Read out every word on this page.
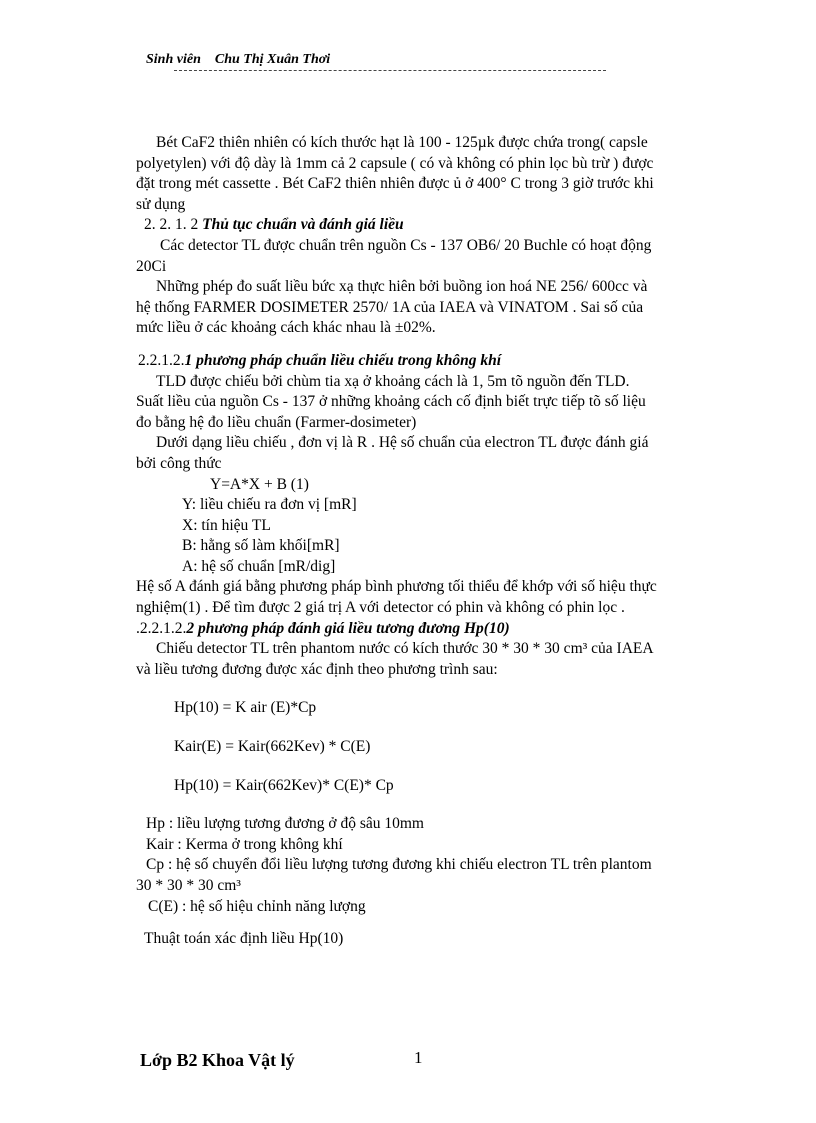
Sinh viên Chu Thị Xuân Thơi
Bét CaF2 thiên nhiên có kích thước hạt là 100 - 125µk được chứa trong( capsle
polyetylen) với độ dày là 1mm cả 2 capsule ( có và không có phin lọc bù trừ ) được
đặt trong mét cassette . Bét CaF2 thiên nhiên được ủ ở 400° C trong 3 giờ trước khi
sử dụng
2. 2. 1. 2 Thủ tục chuẩn và đánh giá liều
Các detector TL được chuẩn trên nguồn Cs - 137 OB6/ 20 Buchle có hoạt động
20Ci
Những phép đo suất liều bức xạ thực hiên bởi buồng ion hoá NE 256/ 600cc và
hệ thống FARMER DOSIMETER 2570/ 1A của IAEA và VINATOM . Sai số của
mức liều ở các khoảng cách khác nhau là ±02%.
2.2.1.2.1 phương pháp chuẩn liều chiếu trong không khí
TLD được chiếu bởi chùm tia xạ ở khoảng cách là 1, 5m tõ nguồn đến TLD.
Suất liều của nguồn Cs - 137 ở những khoảng cách cố định biết trực tiếp tõ số liệu
đo bằng hệ đo liều chuẩn (Farmer-dosimeter)
Dưới dạng liều chiếu , đơn vị là R . Hệ số chuẩn của electron TL được đánh giá
bởi công thức
Y=A*X + B (1)
Y: liều chiếu ra đơn vị [mR]
X: tín hiệu TL
B: hằng số làm khối[mR]
A: hệ số chuẩn [mR/dig]
Hệ số A đánh giá bằng phương pháp bình phương tối thiểu để khớp với số hiệu thực
nghiệm(1) . Để tìm được 2 giá trị A với detector có phin và không có phin lọc .
.2.2.1.2.2 phương pháp đánh giá liều tương đương Hp(10)
Chiếu detector TL trên phantom nước có kích thước 30 * 30 * 30 cm³ của IAEA
và liều tương đương được xác định theo phương trình sau:
Hp(10) = K air (E)*Cp
Kair(E) = Kair(662Kev) * C(E)
Hp(10) = Kair(662Kev)* C(E)* Cp
Hp : liều lượng tương đương ở độ sâu 10mm
Kair : Kerma ở trong không khí
Cp : hệ số chuyển đổi liều lượng tương đương khi chiếu electron TL trên plantom
30 * 30 * 30 cm³
C(E) : hệ số hiệu chỉnh năng lượng
Thuật toán xác định liều Hp(10)
Lớp B2 Khoa Vật lý	1
